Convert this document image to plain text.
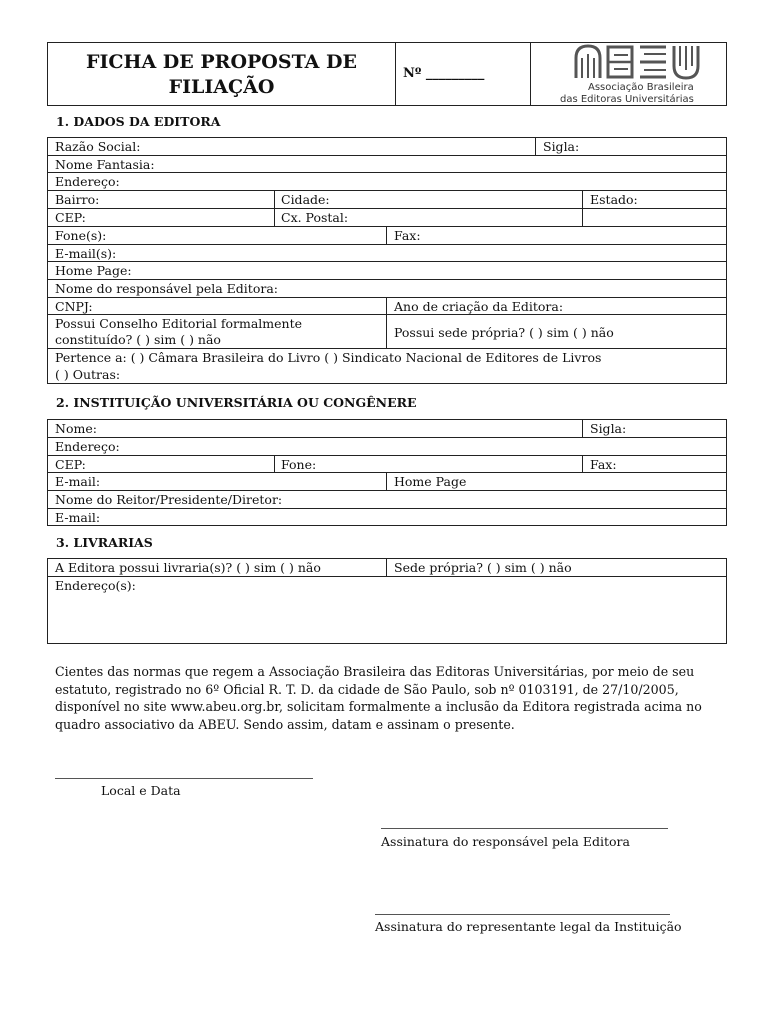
FICHA DE PROPOSTA DE
FILIAÇÃO
Nº _________
Associação Brasileira
das Editoras Universitárias
1. DADOS DA EDITORA
Razão Social:	Sigla:
Nome Fantasia:
Endereço:
Bairro:	Cidade:	Estado:
CEP:	Cx. Postal:
Fone(s):	Fax:
E-mail(s):
Home Page:
Nome do responsável pela Editora:
CNPJ:	Ano de criação da Editora:
Possui Conselho Editorial formalmente
constituído? ( ) sim ( ) não	Possui sede própria? ( ) sim ( ) não
Pertence a: ( ) Câmara Brasileira do Livro ( ) Sindicato Nacional de Editores de Livros
( ) Outras:
2. INSTITUIÇÃO UNIVERSITÁRIA OU CONGÊNERE
Nome:	Sigla:
Endereço:
CEP:	Fone:	Fax:
E-mail:	Home Page
Nome do Reitor/Presidente/Diretor:
E-mail:
3. LIVRARIAS
A Editora possui livraria(s)? ( ) sim ( ) não	Sede própria? ( ) sim ( ) não
Endereço(s):
Cientes das normas que regem a Associação Brasileira das Editoras Universitárias, por meio de seu
estatuto, registrado no 6º Oficial R. T. D. da cidade de São Paulo, sob nº 0103191, de 27/10/2005,
disponível no site www.abeu.org.br, solicitam formalmente a inclusão da Editora registrada acima no
quadro associativo da ABEU. Sendo assim, datam e assinam o presente.
Local e Data
Assinatura do responsável pela Editora
Assinatura do representante legal da Instituição
